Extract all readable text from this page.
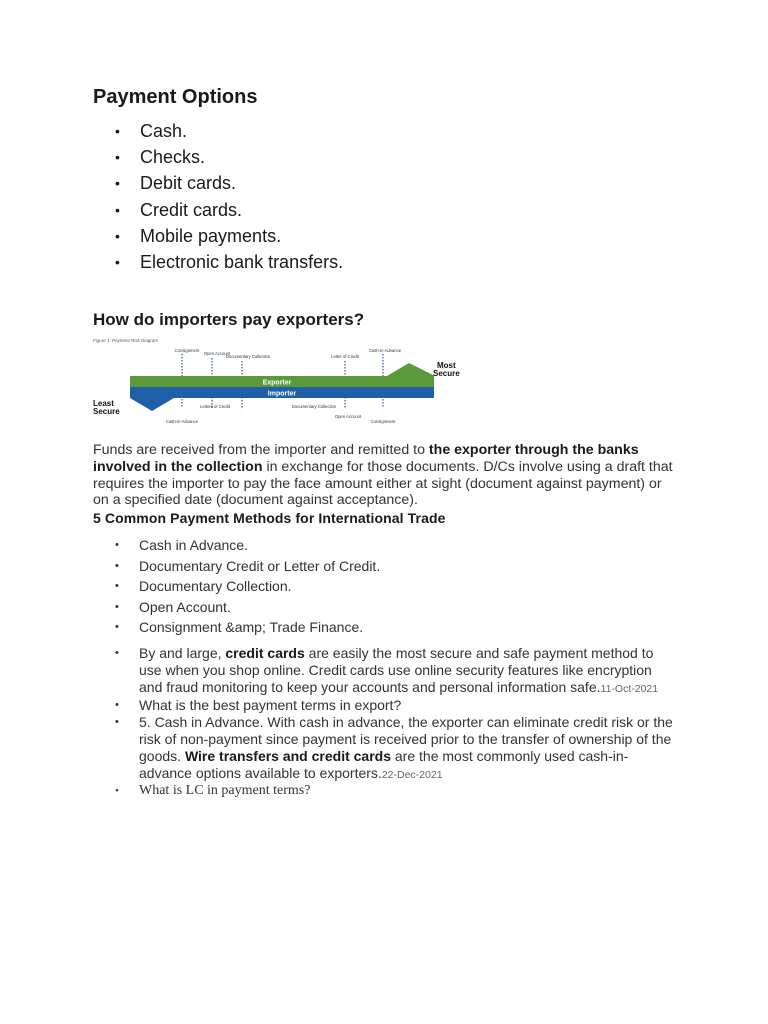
Payment Options
• Cash.
• Checks.
• Debit cards.
• Credit cards.
• Mobile payments.
• Electronic bank transfers.
How do importers pay exporters?
Figure 1: Payment Risk Diagram
Consignment
Open Account
Documentary Collection	Letter of Credit
Cash-in-Advance
Exporter
Importer
Most
Secure
Least
Secure
Cash-in-Advance
Letters of Credit	Documentary Collection
Open Account
Consignment
Funds are received from the importer and remitted to the exporter through the banks involved in the collection in exchange for those documents. D/Cs involve using a draft that requires the importer to pay the face amount either at sight (document against payment) or on a specified date (document against acceptance).
5 Common Payment Methods for International Trade
• Cash in Advance.
• Documentary Credit or Letter of Credit.
• Documentary Collection.
• Open Account.
• Consignment &amp; Trade Finance.
• By and large, credit cards are easily the most secure and safe payment method to use when you shop online. Credit cards use online security features like encryption and fraud monitoring to keep your accounts and personal information safe.11-Oct-2021
• What is the best payment terms in export?
• 5. Cash in Advance. With cash in advance, the exporter can eliminate credit risk or the risk of non-payment since payment is received prior to the transfer of ownership of the goods. Wire transfers and credit cards are the most commonly used cash-in-advance options available to exporters.22-Dec-2021
• What is LC in payment terms?
